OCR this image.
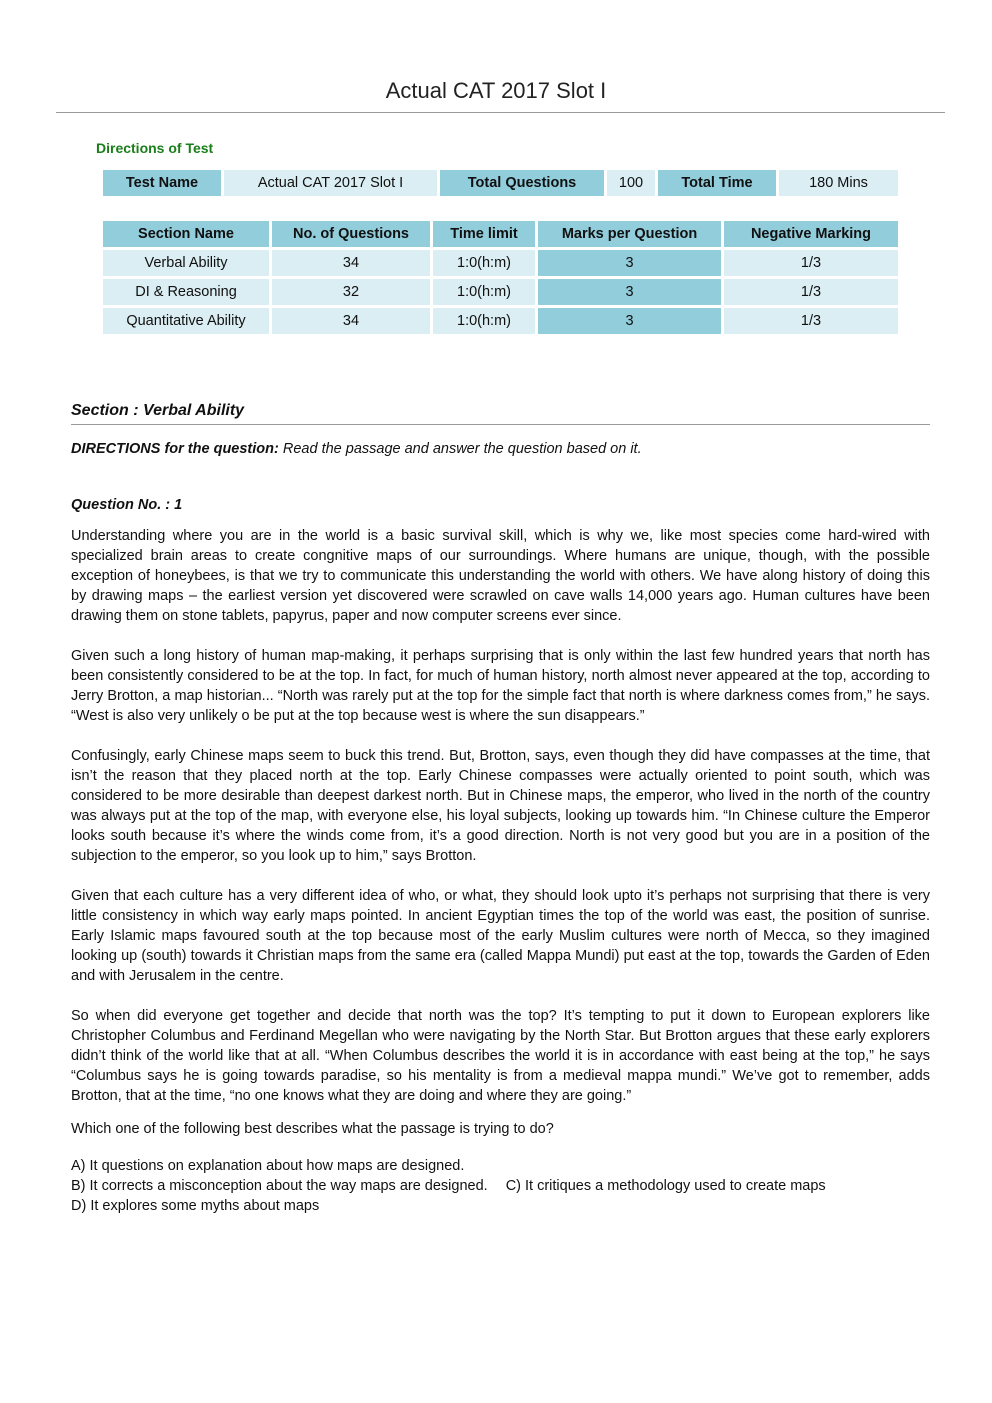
Actual CAT 2017 Slot I
Directions of Test
Test Name	Actual CAT 2017 Slot I	Total Questions	100	Total Time	180 Mins
Section Name	No. of Questions	Time limit	Marks per Question	Negative Marking
Verbal Ability	34	1:0(h:m)	3	1/3
DI & Reasoning	32	1:0(h:m)	3	1/3
Quantitative Ability	34	1:0(h:m)	3	1/3
Section : Verbal Ability
DIRECTIONS for the question: Read the passage and answer the question based on it.
Question No. : 1

Understanding where you are in the world is a basic survival skill, which is why we, like most species come hard-wired with specialized brain areas to create congnitive maps of our surroundings. Where humans are unique, though, with the possible exception of honeybees, is that we try to communicate this understanding the world with others. We have along history of doing this by drawing maps – the earliest version yet discovered were scrawled on cave walls 14,000 years ago. Human cultures have been drawing them on stone tablets, papyrus, paper and now computer screens ever since.

Given such a long history of human map-making, it perhaps surprising that is only within the last few hundred years that north has been consistently considered to be at the top. In fact, for much of human history, north almost never appeared at the top, according to Jerry Brotton, a map historian... “North was rarely put at the top for the simple fact that north is where darkness comes from,” he says. “West is also very unlikely o be put at the top because west is where the sun disappears.”

Confusingly, early Chinese maps seem to buck this trend. But, Brotton, says, even though they did have compasses at the time, that isn’t the reason that they placed north at the top. Early Chinese compasses were actually oriented to point south, which was considered to be more desirable than deepest darkest north. But in Chinese maps, the emperor, who lived in the north of the country was always put at the top of the map, with everyone else, his loyal subjects, looking up towards him. “In Chinese culture the Emperor looks south because it’s where the winds come from, it’s a good direction. North is not very good but you are in a position of the subjection to the emperor, so you look up to him,” says Brotton.

Given that each culture has a very different idea of who, or what, they should look upto it’s perhaps not surprising that there is very little consistency in which way early maps pointed. In ancient Egyptian times the top of the world was east, the position of sunrise. Early Islamic maps favoured south at the top because most of the early Muslim cultures were north of Mecca, so they imagined looking up (south) towards it Christian maps from the same era (called Mappa Mundi) put east at the top, towards the Garden of Eden and with Jerusalem in the centre.

So when did everyone get together and decide that north was the top? It’s tempting to put it down to European explorers like Christopher Columbus and Ferdinand Megellan who were navigating by the North Star. But Brotton argues that these early explorers didn’t think of the world like that at all. “When Columbus describes the world it is in accordance with east being at the top,” he says “Columbus says he is going towards paradise, so his mentality is from a medieval mappa mundi.” We’ve got to remember, adds Brotton, that at the time, “no one knows what they are doing and where they are going.”

Which one of the following best describes what the passage is trying to do?
A) It questions on explanation about how maps are designed.
B) It corrects a misconception about the way maps are designed. C) It critiques a methodology used to create maps
D) It explores some myths about maps
